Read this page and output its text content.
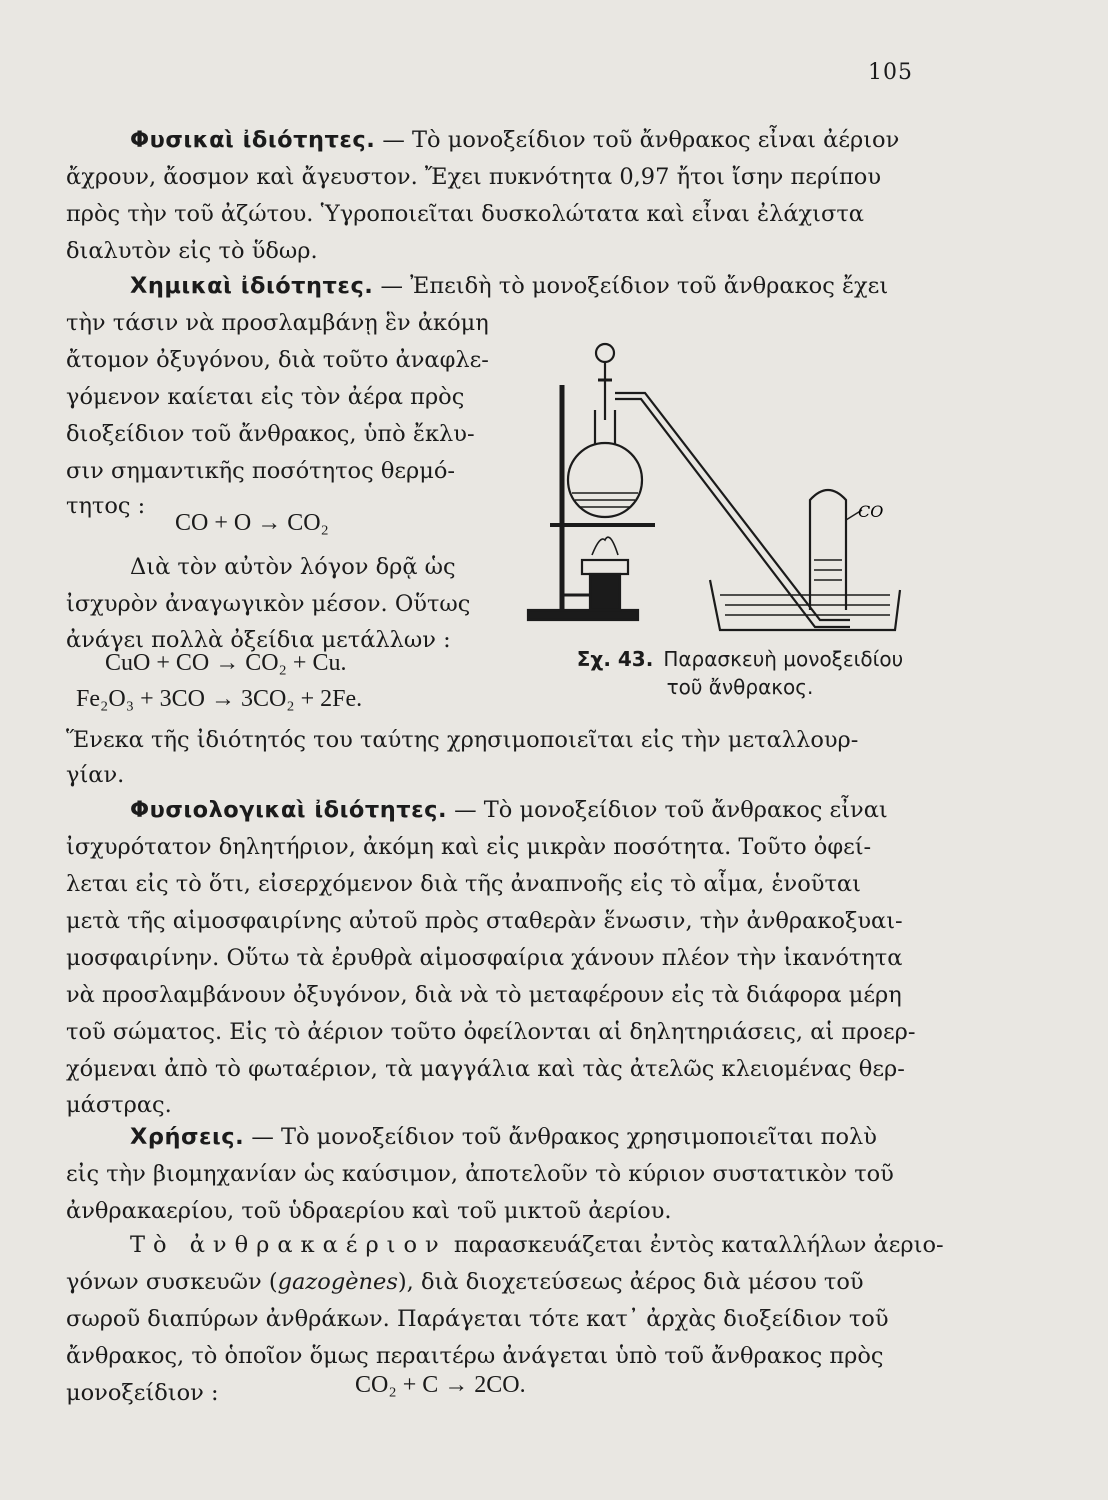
105
Φυσικαὶ ἰδιότητες. — Τὸ μονοξείδιον τοῦ ἄνθρακος εἶναι ἀέριον
ἄχρουν, ἄοσμον καὶ ἄγευστον. Ἔχει πυκνότητα 0,97 ἤτοι ἴσην περίπου
πρὸς τὴν τοῦ ἀζώτου. Ὑγροποιεῖται δυσκολώτατα καὶ εἶναι ἐλάχιστα
διαλυτὸν εἰς τὸ ὕδωρ.
Χημικαὶ ἰδιότητες. — Ἐπειδὴ τὸ μονοξείδιον τοῦ ἄνθρακος ἔχει
τὴν τάσιν νὰ προσλαμβάνῃ ἓν ἀκόμη
ἄτομον ὀξυγόνου, διὰ τοῦτο ἀναφλε-
γόμενον καίεται εἰς τὸν ἀέρα πρὸς
διοξείδιον τοῦ ἄνθρακος, ὑπὸ ἔκλυ-
σιν σημαντικῆς ποσότητος θερμό-
τητος :
CO + O → CO₂
Διὰ τὸν αὐτὸν λόγον δρᾷ ὡς
ἰσχυρὸν ἀναγωγικὸν μέσον. Οὕτως
ἀνάγει πολλὰ ὀξείδια μετάλλων :
CuO + CO → CO₂ + Cu.
Fe₂O₃ + 3CO → 3CO₂ + 2Fe.
Ἕνεκα τῆς ἰδιότητός του ταύτης χρησιμοποιεῖται εἰς τὴν μεταλλουρ-
γίαν.
CO
Σχ. 43. Παρασκευὴ μονοξειδίου
τοῦ ἄνθρακος.
Φυσιολογικαὶ ἰδιότητες. — Τὸ μονοξείδιον τοῦ ἄνθρακος εἶναι
ἰσχυρότατον δηλητήριον, ἀκόμη καὶ εἰς μικρὰν ποσότητα. Τοῦτο ὀφεί-
λεται εἰς τὸ ὅτι, εἰσερχόμενον διὰ τῆς ἀναπνοῆς εἰς τὸ αἷμα, ἑνοῦται
μετὰ τῆς αἱμοσφαιρίνης αὐτοῦ πρὸς σταθερὰν ἕνωσιν, τὴν ἀνθρακοξυαι-
μοσφαιρίνην. Οὕτω τὰ ἐρυθρὰ αἱμοσφαίρια χάνουν πλέον τὴν ἱκανότητα
νὰ προσλαμβάνουν ὀξυγόνον, διὰ νὰ τὸ μεταφέρουν εἰς τὰ διάφορα μέρη
τοῦ σώματος. Εἰς τὸ ἀέριον τοῦτο ὀφείλονται αἱ δηλητηριάσεις, αἱ προερ-
χόμεναι ἀπὸ τὸ φωταέριον, τὰ μαγγάλια καὶ τὰς ἀτελῶς κλειομένας θερ-
μάστρας.
Χρήσεις. — Τὸ μονοξείδιον τοῦ ἄνθρακος χρησιμοποιεῖται πολὺ
εἰς τὴν βιομηχανίαν ὡς καύσιμον, ἀποτελοῦν τὸ κύριον συστατικὸν τοῦ
ἀνθρακαερίου, τοῦ ὑδραερίου καὶ τοῦ μικτοῦ ἀερίου.
Τὸ ἀνθρακαέριον παρασκευάζεται ἐντὸς καταλλήλων ἀεριο-
γόνων συσκευῶν (gazogènes), διὰ διοχετεύσεως ἀέρος διὰ μέσου τοῦ
σωροῦ διαπύρων ἀνθράκων. Παράγεται τότε κατ᾽ ἀρχὰς διοξείδιον τοῦ
ἄνθρακος, τὸ ὁποῖον ὅμως περαιτέρω ἀνάγεται ὑπὸ τοῦ ἄνθρακος πρὸς
μονοξείδιον :	CO₂ + C → 2CO.
